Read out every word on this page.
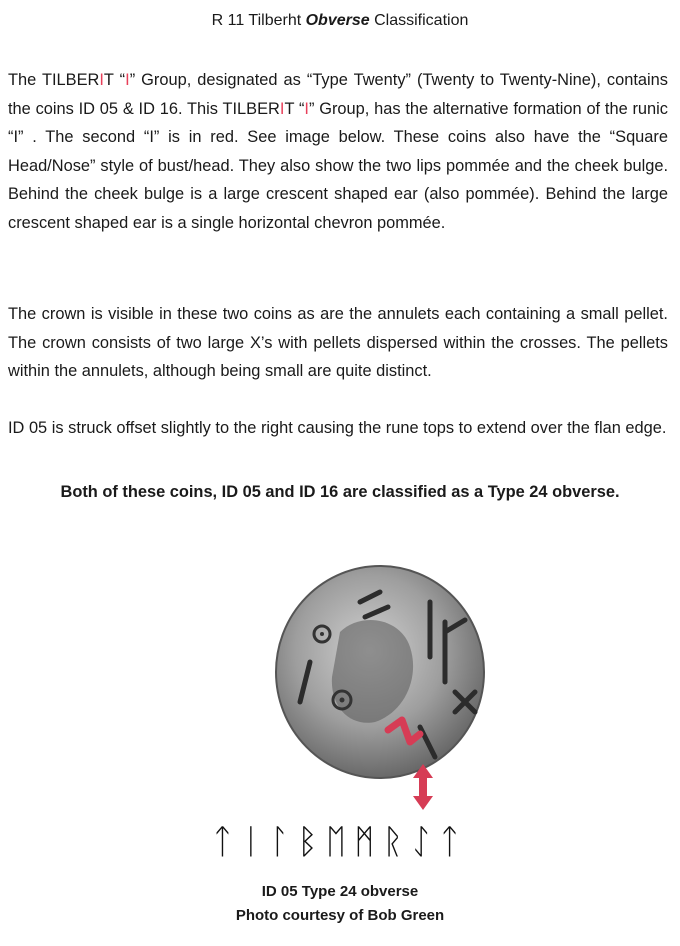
R 11 Tilberht Obverse Classification
The TILBERIT “I” Group, designated as “Type Twenty” (Twenty to Twenty-Nine), contains the coins ID 05 & ID 16. This TILBERIT “I” Group, has the alternative formation of the runic “I” . The second “I” is in red. See image below. These coins also have the “Square Head/Nose” style of bust/head. They also show the two lips pommée and the cheek bulge. Behind the cheek bulge is a large crescent shaped ear (also pommée). Behind the large crescent shaped ear is a single horizontal chevron pommée.
The crown is visible in these two coins as are the annulets each containing a small pellet. The crown consists of two large X’s with pellets dispersed within the crosses. The pellets within the annulets, although being small are quite distinct.
ID 05 is struck offset slightly to the right causing the rune tops to extend over the flan edge.
Both of these coins, ID 05 and ID 16 are classified as a Type 24 obverse.
ᛏᛁᛚᛒᛖᛗᚱᛇᛏ
ID 05 Type 24 obverse
Photo courtesy of Bob Green
